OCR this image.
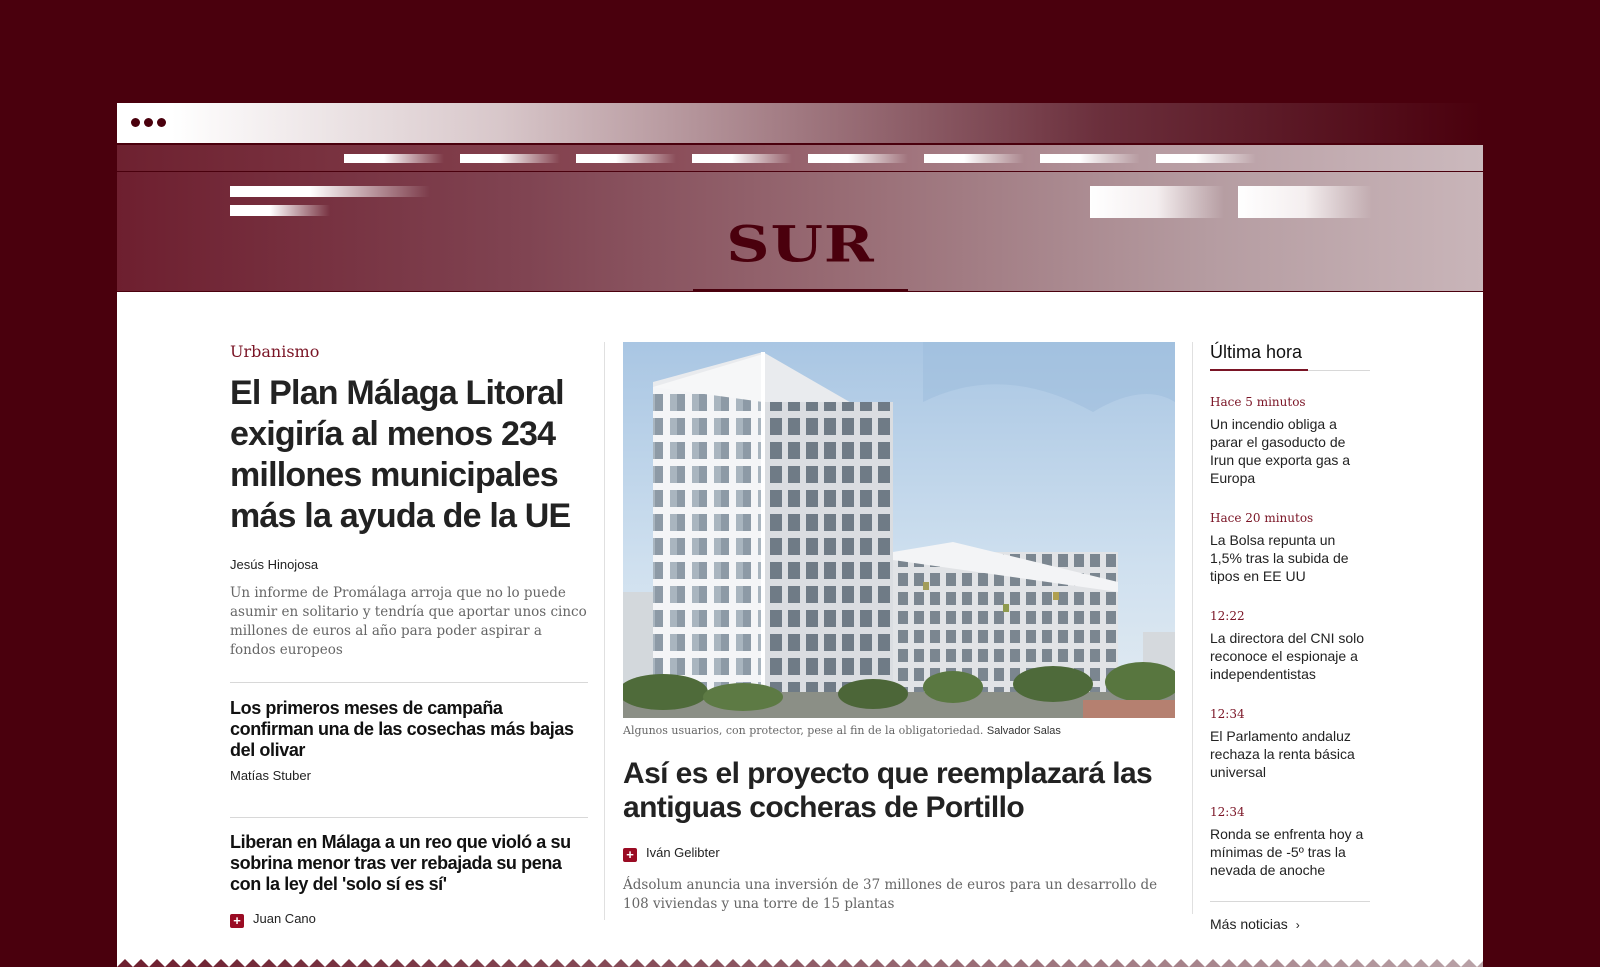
SUR
Urbanismo
El Plan Málaga Litoral exigiría al menos 234 millones municipales más la ayuda de la UE
Jesús Hinojosa
Un informe de Promálaga arroja que no lo puede asumir en solitario y tendría que aportar unos cinco millones de euros al año para poder aspirar a fondos europeos
Los primeros meses de campaña confirman una de las cosechas más bajas del olivar
Matías Stuber
Liberan en Málaga a un reo que violó a su sobrina menor tras ver rebajada su pena con la ley del 'solo sí es sí'
+ Juan Cano
Algunos usuarios, con protector, pese al fin de la obligatoriedad. Salvador Salas
Así es el proyecto que reemplazará las antiguas cocheras de Portillo
+ Iván Gelibter
Ádsolum anuncia una inversión de 37 millones de euros para un desarrollo de 108 viviendas y una torre de 15 plantas
Última hora
Hace 5 minutos
Un incendio obliga a parar el gasoducto de Irun que exporta gas a Europa
Hace 20 minutos
La Bolsa repunta un 1,5% tras la subida de tipos en EE UU
12:22
La directora del CNI solo reconoce el espionaje a independentistas
12:34
El Parlamento andaluz rechaza la renta básica universal
12:34
Ronda se enfrenta hoy a mínimas de -5º tras la nevada de anoche
Más noticias ›
